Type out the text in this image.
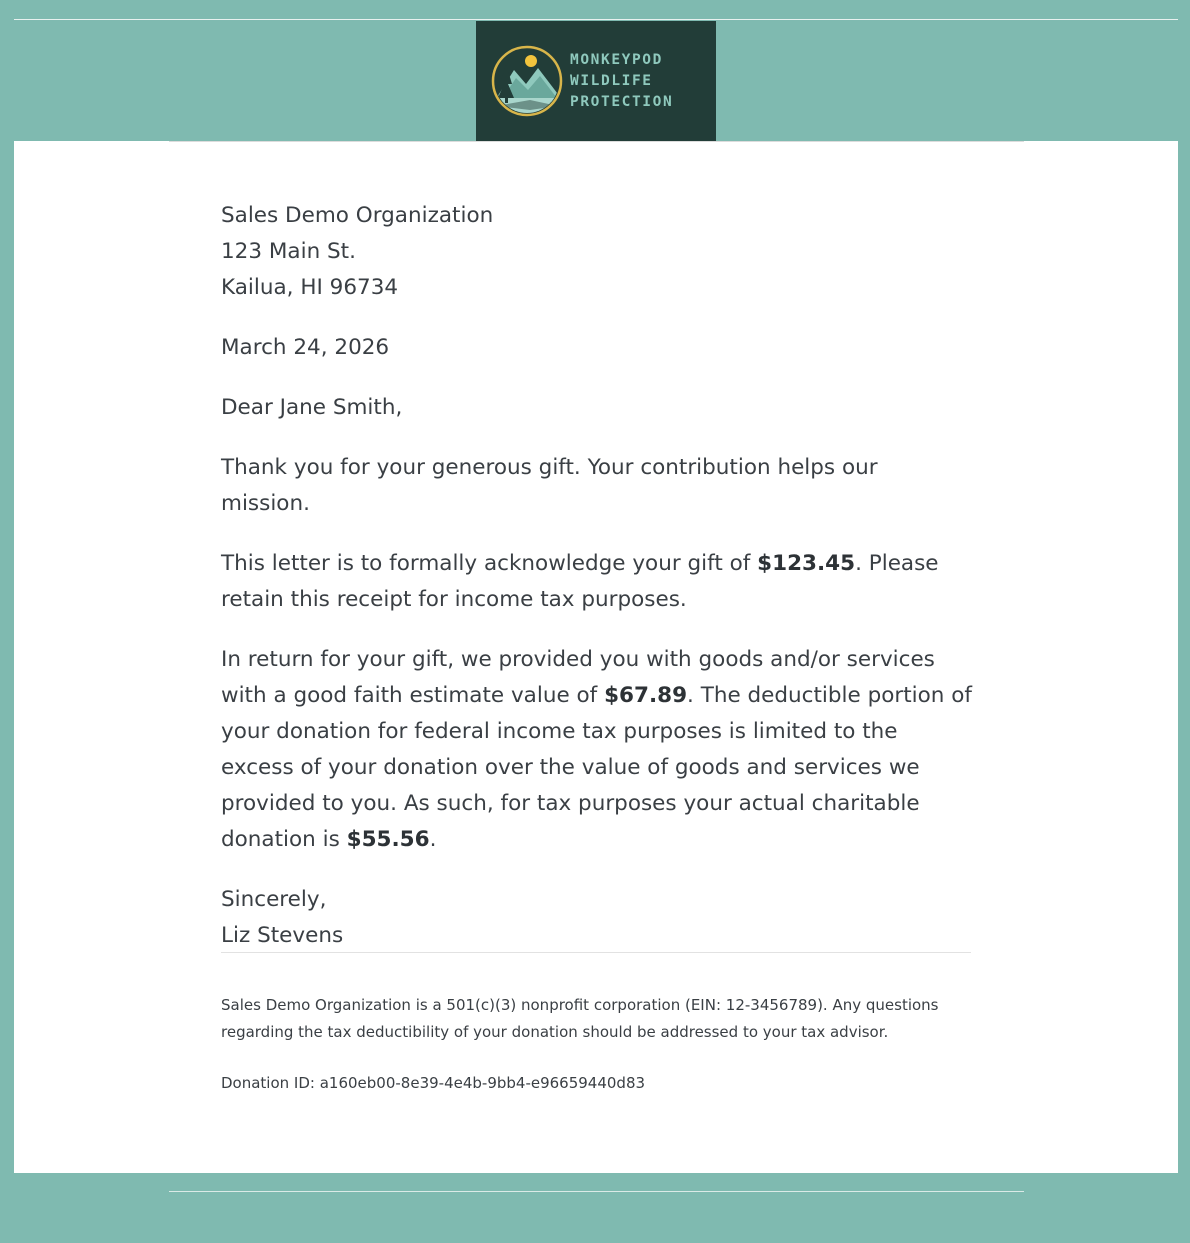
MONKEYPOD
WILDLIFE
PROTECTION

Sales Demo Organization
123 Main St.
Kailua, HI 96734

March 24, 2026

Dear Jane Smith,

Thank you for your generous gift. Your contribution helps our mission.

This letter is to formally acknowledge your gift of $123.45. Please retain this receipt for income tax purposes.

In return for your gift, we provided you with goods and/or services with a good faith estimate value of $67.89. The deductible portion of your donation for federal income tax purposes is limited to the excess of your donation over the value of goods and services we provided to you. As such, for tax purposes your actual charitable donation is $55.56.

Sincerely,
Liz Stevens

Sales Demo Organization is a 501(c)(3) nonprofit corporation (EIN: 12-3456789). Any questions regarding the tax deductibility of your donation should be addressed to your tax advisor.

Donation ID: a160eb00-8e39-4e4b-9bb4-e96659440d83
